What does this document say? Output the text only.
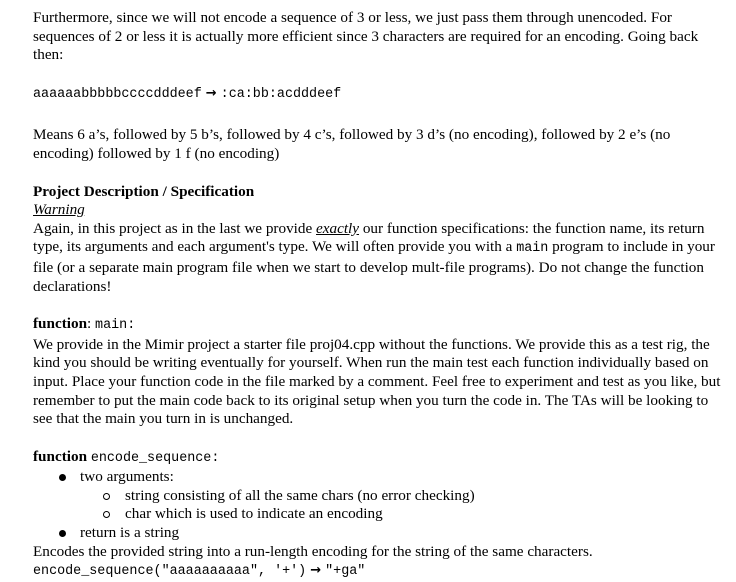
Furthermore, since we will not encode a sequence of 3 or less, we just pass them through unencoded. For sequences of 2 or less it is actually more efficient since 3 characters are required for an encoding. Going back then:

aaaaaabbbbbccccdddeef → :ca:bb:acdddeef

Means 6 a’s, followed by 5 b’s, followed by 4 c’s, followed by 3 d’s (no encoding), followed by 2 e’s (no encoding) followed by 1 f (no encoding)

Project Description / Specification

Warning

Again, in this project as in the last we provide exactly our function specifications: the function name, its return type, its arguments and each argument's type. We will often provide you with a main program to include in your file (or a separate main program file when we start to develop mult-file programs). Do not change the function declarations!

function: main:

We provide in the Mimir project a starter file proj04.cpp without the functions. We provide this as a test rig, the kind you should be writing eventually for yourself. When run the main test each function individually based on input. Place your function code in the file marked by a comment. Feel free to experiment and test as you like, but remember to put the main code back to its original setup when you turn the code in. The TAs will be looking to see that the main you turn in is unchanged.

function encode_sequence:

two arguments:
string consisting of all the same chars (no error checking)
char which is used to indicate an encoding
return is a string

Encodes the provided string into a run-length encoding for the string of the same characters.

encode_sequence("aaaaaaaaaa", '+') → "+ga"
